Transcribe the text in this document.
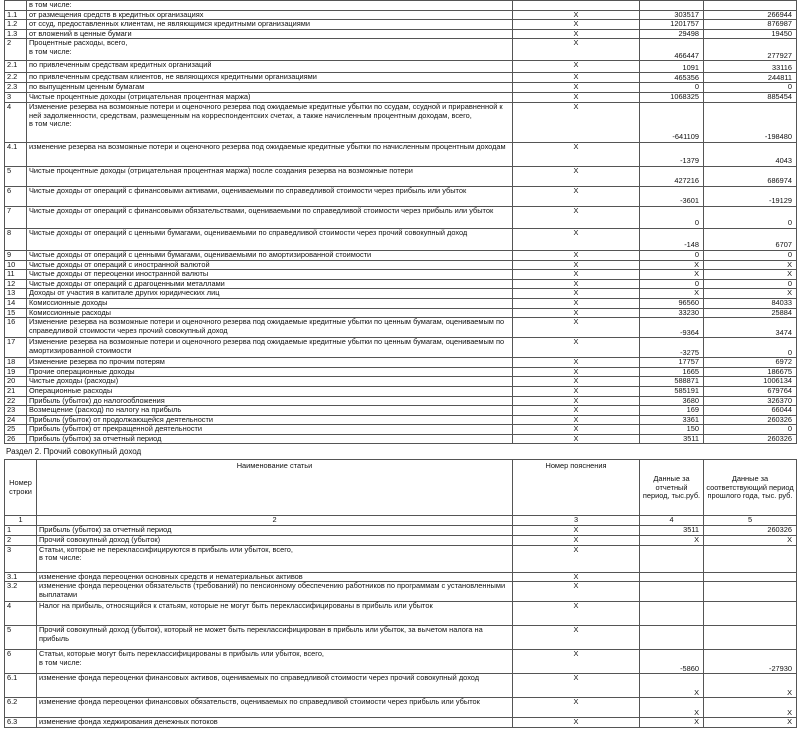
	в том числе:			
1.1	от размещения средств в кредитных организациях	X	303517	266944
1.2	от ссуд, предоставленных клиентам, не являющимся кредитными организациями	X	1201757	876987
1.3	от вложений в ценные бумаги	X	29498	19450
2	Процентные расходы, всего,
в том числе:	X	466447	277927
2.1	по привлеченным средствам кредитных организаций	X	1091	33116
2.2	по привлеченным средствам клиентов, не являющихся кредитными организациями	X	465356	244811
2.3	по выпущенным ценным бумагам	X	0	0
3	Чистые процентные доходы (отрицательная процентная маржа)	X	1068325	885454
4	Изменение резерва на возможные потери и оценочного резерва под ожидаемые кредитные убытки по ссудам, ссудной и приравненной к ней задолженности, средствам, размещенным на корреспондентских счетах, а также начисленным процентным доходам, всего,
в том числе:	X	-641109	-198480
4.1	изменение резерва на возможные потери и оценочного резерва под ожидаемые кредитные убытки по начисленным процентным доходам	X	-1379	4043
5	Чистые процентные доходы (отрицательная процентная маржа) после создания резерва на возможные потери	X	427216	686974
6	Чистые доходы от операций с финансовыми активами, оцениваемыми по справедливой стоимости через прибыль или убыток	X	-3601	-19129
7	Чистые доходы от операций с финансовыми обязательствами, оцениваемыми по справедливой стоимости через прибыль или убыток	X	0	0
8	Чистые доходы от операций с ценными бумагами, оцениваемыми по справедливой стоимости через прочий совокупный доход	X	-148	6707
9	Чистые доходы от операций с ценными бумагами, оцениваемыми по амортизированной стоимости	X	0	0
10	Чистые доходы от операций с иностранной валютой	X	X	X
11	Чистые доходы от переоценки иностранной валюты	X	X	X
12	Чистые доходы от операций с драгоценными металлами	X	0	0
13	Доходы от участия в капитале других юридических лиц	X	X	X
14	Комиссионные доходы	X	96560	84033
15	Комиссионные расходы	X	33230	25884
16	Изменение резерва на возможные потери и оценочного резерва под ожидаемые кредитные убытки по ценным бумагам, оцениваемым по справедливой стоимости через прочий совокупный доход	X	-9364	3474
17	Изменение резерва на возможные потери и оценочного резерва под ожидаемые кредитные убытки по ценным бумагам, оцениваемым по амортизированной стоимости	X	-3275	0
18	Изменение резерва по прочим потерям	X	17757	6972
19	Прочие операционные доходы	X	1665	186675
20	Чистые доходы (расходы)	X	588871	1006134
21	Операционные расходы	X	585191	679764
22	Прибыль (убыток) до налогообложения	X	3680	326370
23	Возмещение (расход) по налогу на прибыль	X	169	66044
24	Прибыль (убыток) от продолжающейся деятельности	X	3361	260326
25	Прибыль (убыток) от прекращенной деятельности	X	150	0
26	Прибыль (убыток) за отчетный период	X	3511	260326
Раздел 2. Прочий совокупный доход
Номер строки	Наименование статьи	Номер пояснения	Данные за отчетный период, тыс.руб.	Данные за соответствующий период прошлого года, тыс. руб.
1	2	3	4	5
1	Прибыль (убыток) за отчетный период	X	3511	260326
2	Прочий совокупный доход (убыток)	X	X	X
3	Статьи, которые не переклассифицируются в прибыль или убыток, всего,
в том числе:	X		
3.1	изменение фонда переоценки основных средств и нематериальных активов	X		
3.2	изменение фонда переоценки обязательств (требований) по пенсионному обеспечению работников по программам с установленными выплатами	X		
4	Налог на прибыль, относящийся к статьям, которые не могут быть переклассифицированы в прибыль или убыток	X		
5	Прочий совокупный доход (убыток), который не может быть переклассифицирован в прибыль или убыток, за вычетом налога на прибыль	X		
6	Статьи, которые могут быть переклассифицированы в прибыль или убыток, всего,
в том числе:	X	-5860	-27930
6.1	изменение фонда переоценки финансовых активов, оцениваемых по справедливой стоимости через прочий совокупный доход	X	X	X
6.2	изменение фонда переоценки финансовых обязательств, оцениваемых по справедливой стоимости через прибыль или убыток	X	X	X
6.3	изменение фонда хеджирования денежных потоков	X	X	X
